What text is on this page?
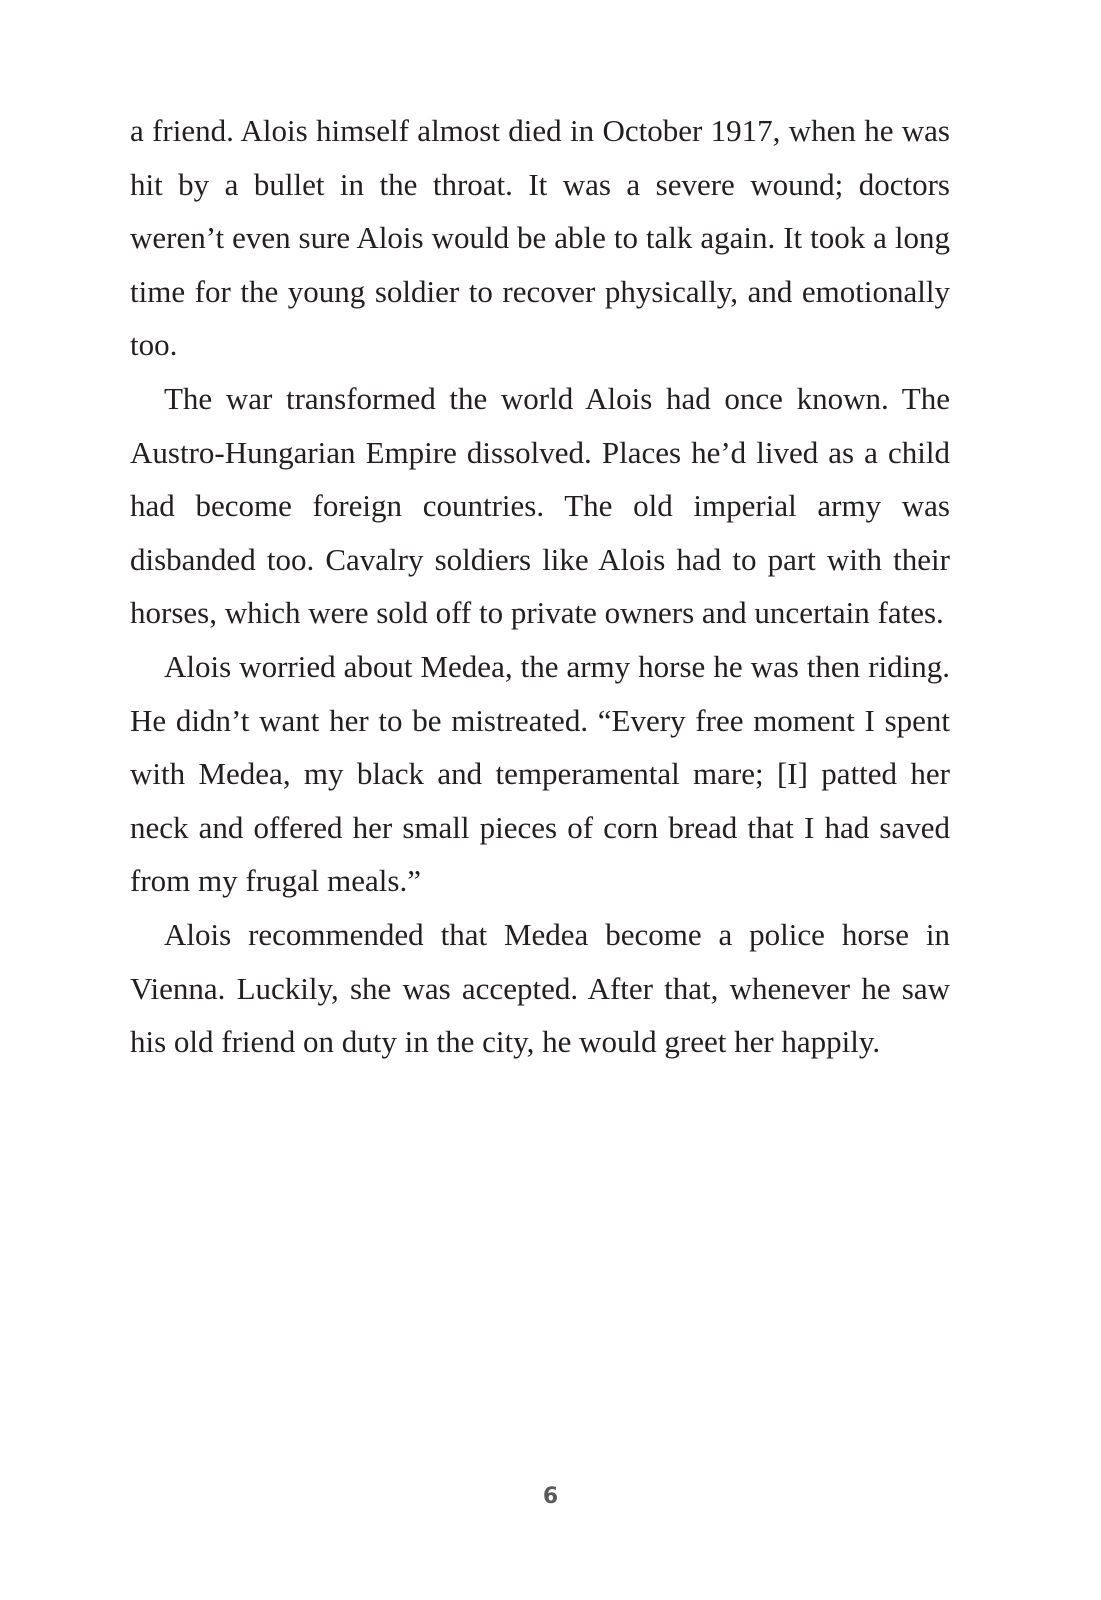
a friend. Alois himself almost died in October 1917, when he was hit by a bullet in the throat. It was a severe wound; doctors weren’t even sure Alois would be able to talk again. It took a long time for the young soldier to recover physically, and emotionally too.

The war transformed the world Alois had once known. The Austro-Hungarian Empire dissolved. Places he’d lived as a child had become foreign countries. The old imperial army was disbanded too. Cavalry soldiers like Alois had to part with their horses, which were sold off to private owners and uncertain fates.

Alois worried about Medea, the army horse he was then riding. He didn’t want her to be mistreated. “Every free moment I spent with Medea, my black and temperamental mare; [I] patted her neck and offered her small pieces of corn bread that I had saved from my frugal meals.”

Alois recommended that Medea become a police horse in Vienna. Luckily, she was accepted. After that, whenever he saw his old friend on duty in the city, he would greet her happily.

6
